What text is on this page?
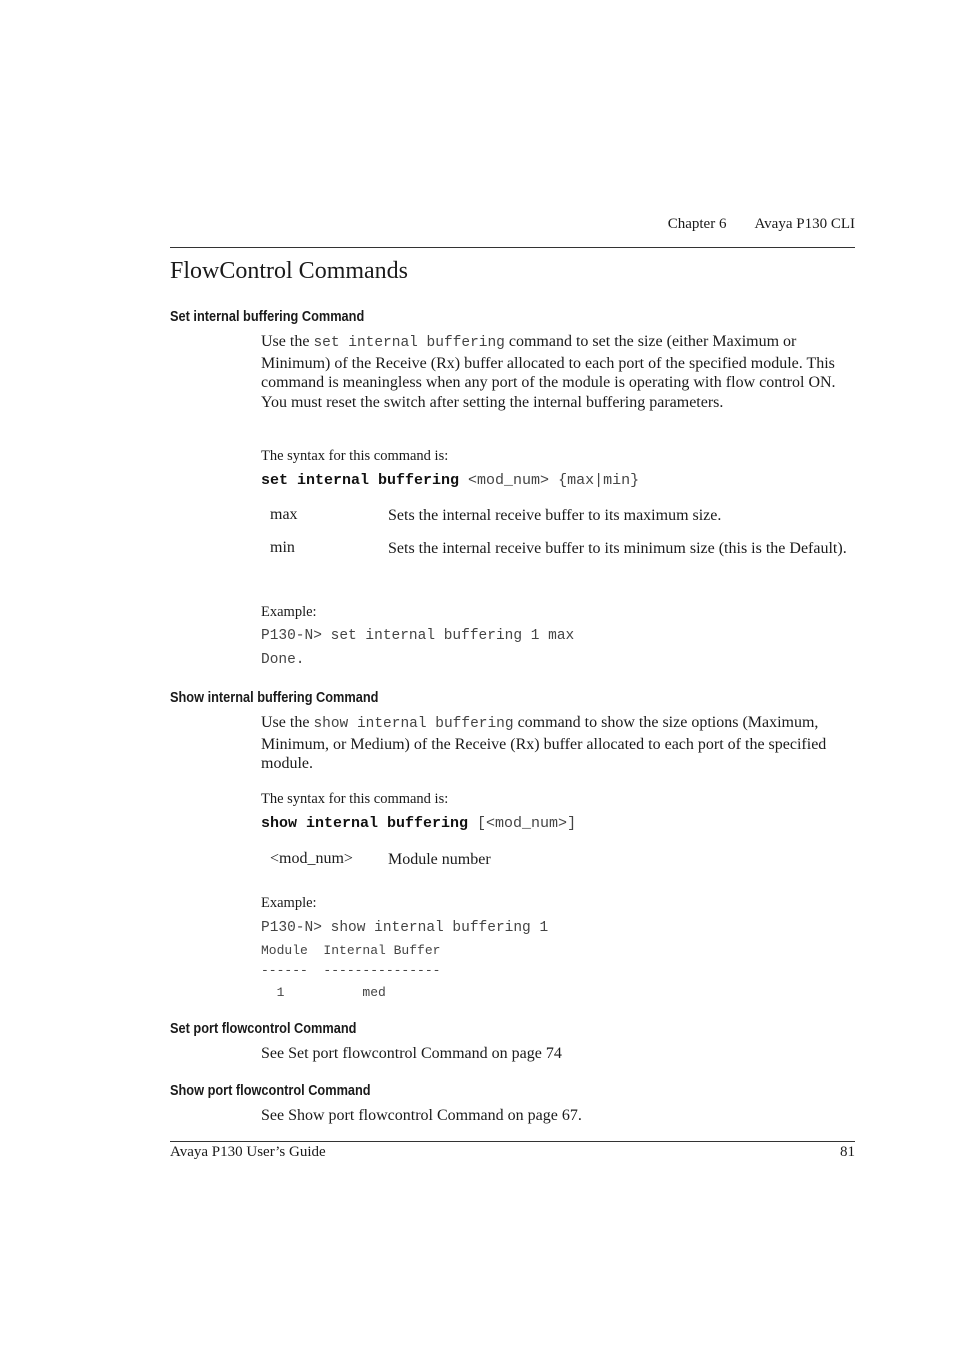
Chapter 6 Avaya P130 CLI
FlowControl Commands
Set internal buffering Command
Use the set internal buffering command to set the size (either Maximum or Minimum) of the Receive (Rx) buffer allocated to each port of the specified module. This command is meaningless when any port of the module is operating with flow control ON. You must reset the switch after setting the internal buffering parameters.
The syntax for this command is:
set internal buffering <mod_num> {max|min}
max	Sets the internal receive buffer to its maximum size.
min	Sets the internal receive buffer to its minimum size (this is the Default).
Example:
P130-N> set internal buffering 1 max
Done.
Show internal buffering Command
Use the show internal buffering command to show the size options (Maximum, Minimum, or Medium) of the Receive (Rx) buffer allocated to each port of the specified module.
The syntax for this command is:
show internal buffering [<mod_num>]
<mod_num> Module number
Example:
P130-N> show internal buffering 1
Module  Internal Buffer
------  ---------------
1          med
Set port flowcontrol Command
See Set port flowcontrol Command on page 74
Show port flowcontrol Command
See Show port flowcontrol Command on page 67.
Avaya P130 User’s Guide	81
